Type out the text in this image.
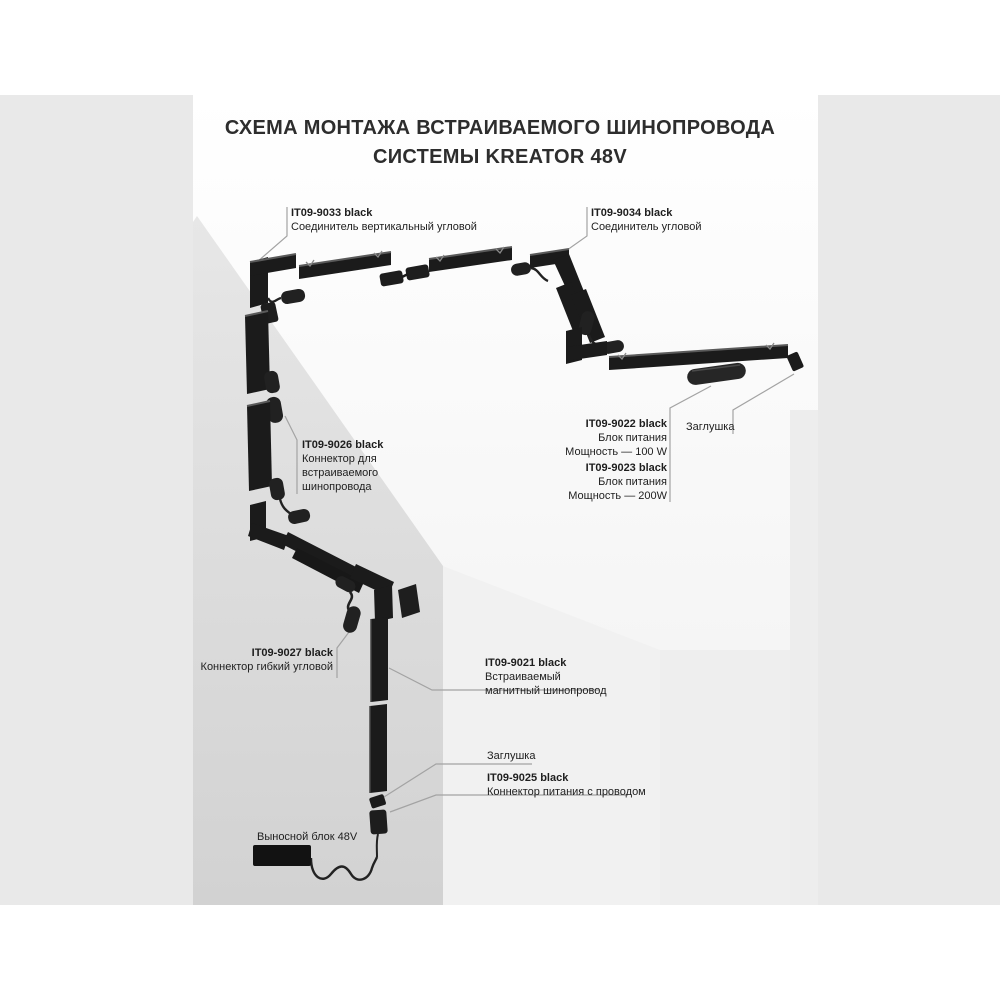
СХЕМА МОНТАЖА ВСТРАИВАЕМОГО ШИНОПРОВОДА
СИСТЕМЫ KREATOR 48V
IT09-9033 black
Соединитель вертикальный угловой
IT09-9034 black
Соединитель угловой
IT09-9026 black
Коннектор для встраиваемого шинопровода
IT09-9022 black
Блок питания
Мощность — 100 W
IT09-9023 black
Блок питания
Мощность — 200W
Заглушка
IT09-9027 black
Коннектор гибкий угловой	IT09-9021 black
Встраиваемый магнитный шинопровод
Заглушка
IT09-9025 black
Коннектор питания с проводом
Выносной блок 48V
